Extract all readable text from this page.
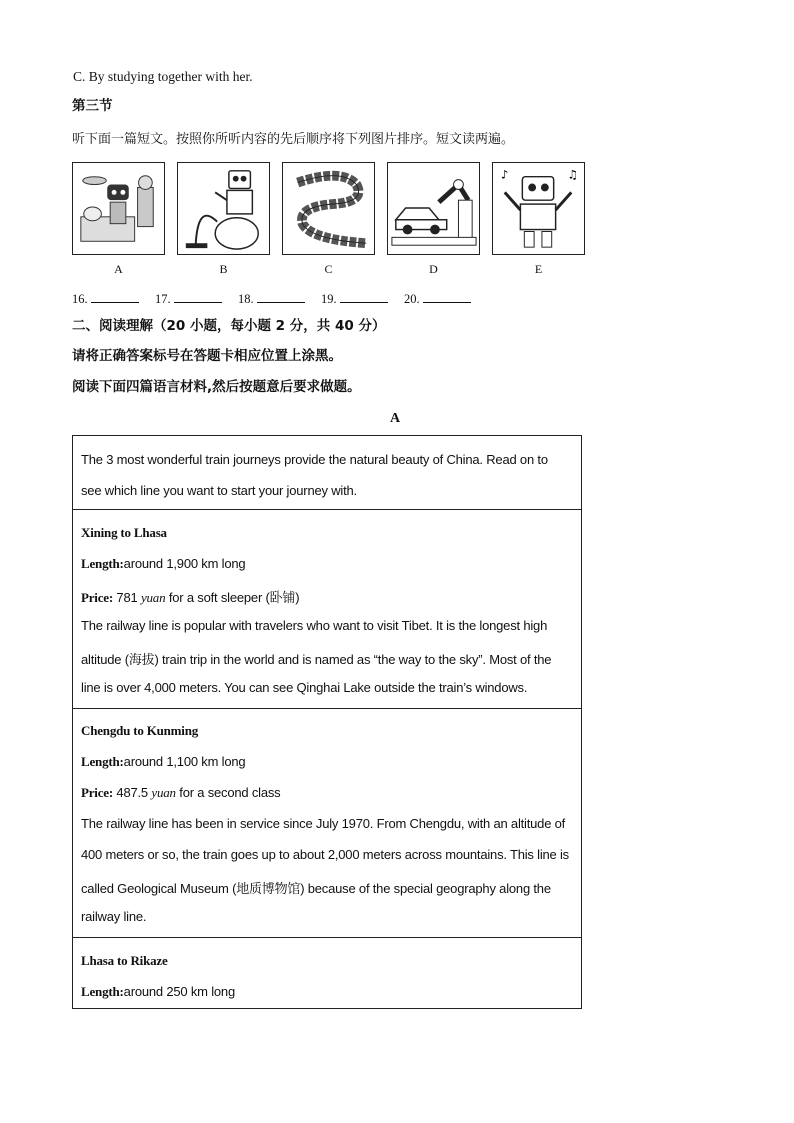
C. By studying together with her.
第三节
听下面一篇短文。按照你所听内容的先后顺序将下列图片排序。短文读两遍。
♪	♫
A	B	C	D	E
16.	17.	18.	19.	20.
二、阅读理解（20 小题，每小题 2 分，共 40 分）
请将正确答案标号在答题卡相应位置上涂黑。
阅读下面四篇语言材料,然后按题意后要求做题。
A
The 3 most wonderful train journeys provide the natural beauty of China. Read on to
see which line you want to start your journey with.
Xining to Lhasa
Length:around 1,900 km long
Price: 781 yuan for a soft sleeper (卧铺)
The railway line is popular with travelers who want to visit Tibet. It is the longest high
altitude (海拔) train trip in the world and is named as “the way to the sky”. Most of the
line is over 4,000 meters. You can see Qinghai Lake outside the train’s windows.
Chengdu to Kunming
Length:around 1,100 km long
Price: 487.5 yuan for a second class
The railway line has been in service since July 1970. From Chengdu, with an altitude of
400 meters or so, the train goes up to about 2,000 meters across mountains. This line is
called Geological Museum (地质博物馆) because of the special geography along the
railway line.
Lhasa to Rikaze
Length:around 250 km long
